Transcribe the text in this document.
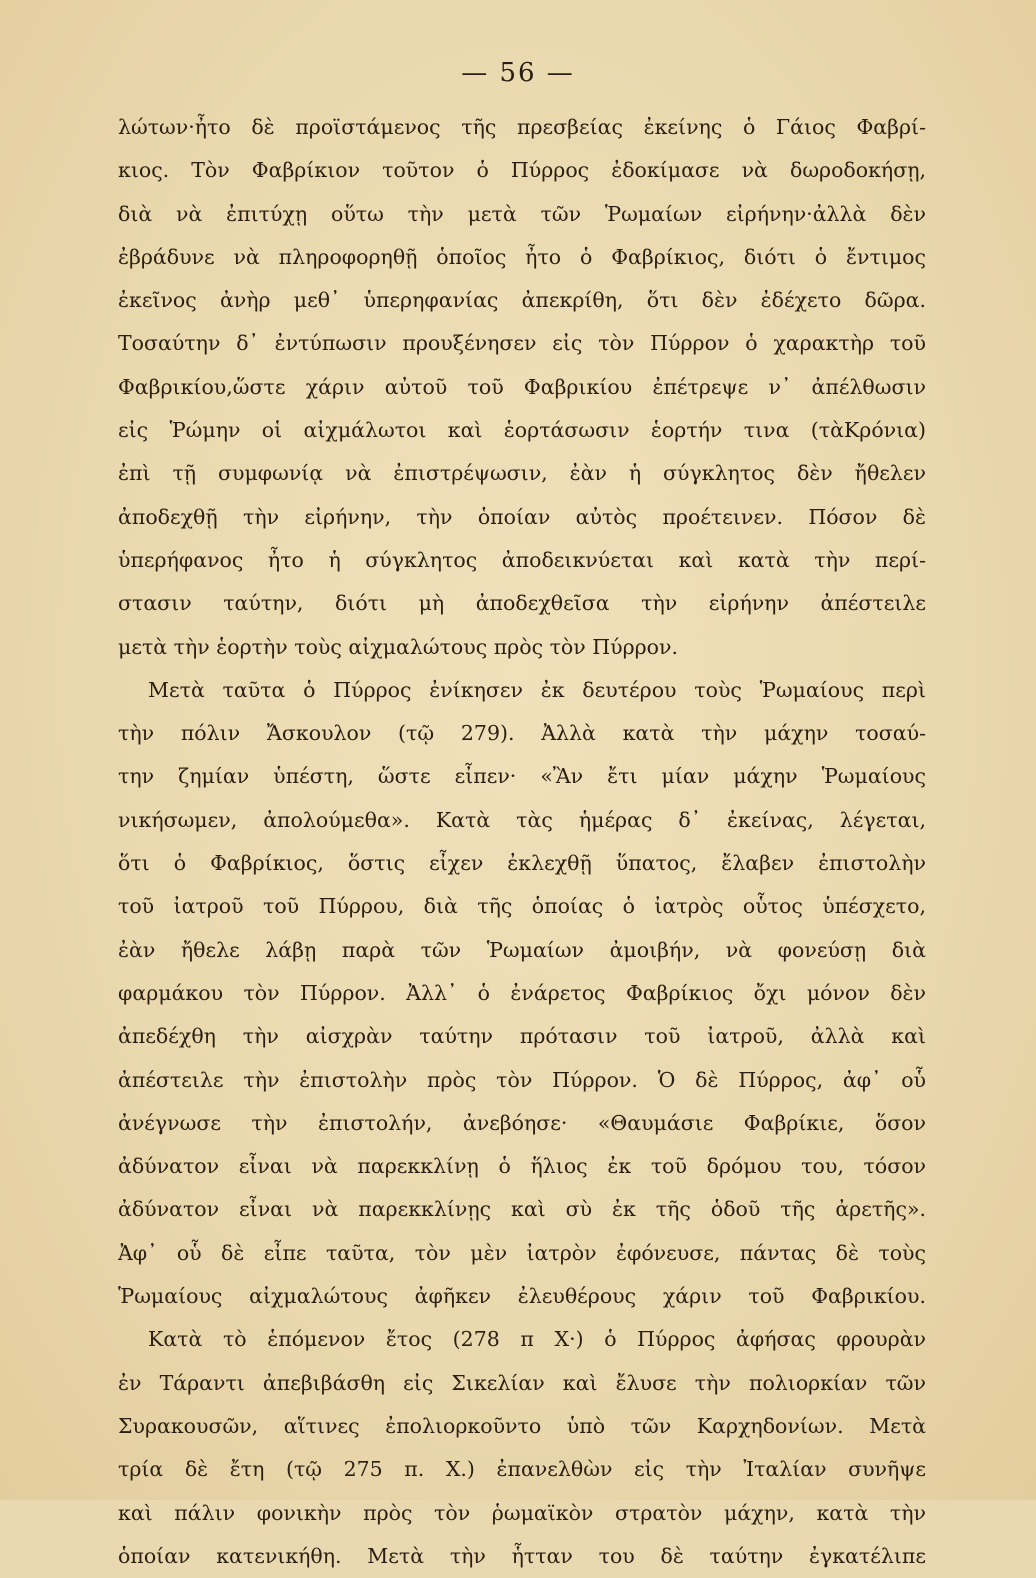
— 56 —
λώτων·ἦτο δὲ προϊστάμενος τῆς πρεσβείας ἐκείνης ὁ Γάιος Φαβρί-
κιος. Τὸν Φαβρίκιον τοῦτον ὁ Πύρρος ἐδοκίμασε νὰ δωροδοκήσῃ,
διὰ νὰ ἐπιτύχῃ οὕτω τὴν μετὰ τῶν Ῥωμαίων εἰρήνην·ἀλλὰ δὲν
ἐβράδυνε νὰ πληροφορηθῇ ὁποῖος ἦτο ὁ Φαβρίκιος, διότι ὁ ἔντιμος
ἐκεῖνος ἀνὴρ μεθ᾽ ὑπερηφανίας ἀπεκρίθη, ὅτι δὲν ἐδέχετο δῶρα.
Τοσαύτην δ᾽ ἐντύπωσιν προυξένησεν εἰς τὸν Πύρρον ὁ χαρακτὴρ τοῦ
Φαβρικίου,ὥστε χάριν αὐτοῦ τοῦ Φαβρικίου ἐπέτρεψε ν᾽ ἀπέλθωσιν
εἰς Ῥώμην οἱ αἰχμάλωτοι καὶ ἑορτάσωσιν ἑορτήν τινα (τὰΚρόνια)
ἐπὶ τῇ συμφωνίᾳ νὰ ἐπιστρέψωσιν, ἐὰν ἡ σύγκλητος δὲν ἤθελεν
ἀποδεχθῇ τὴν εἰρήνην, τὴν ὁποίαν αὐτὸς προέτεινεν. Πόσον δὲ
ὑπερήφανος ἦτο ἡ σύγκλητος ἀποδεικνύεται καὶ κατὰ τὴν περί-
στασιν ταύτην, διότι μὴ ἀποδεχθεῖσα τὴν εἰρήνην ἀπέστειλε
μετὰ τὴν ἑορτὴν τοὺς αἰχμαλώτους πρὸς τὸν Πύρρον.
Μετὰ ταῦτα ὁ Πύρρος ἐνίκησεν ἐκ δευτέρου τοὺς Ῥωμαίους περὶ
τὴν πόλιν Ἄσκουλον (τῷ 279). Ἀλλὰ κατὰ τὴν μάχην τοσαύ-
την ζημίαν ὑπέστη, ὥστε εἶπεν· «Ἂν ἔτι μίαν μάχην Ῥωμαίους
νικήσωμεν, ἀπολούμεθα». Κατὰ τὰς ἡμέρας δ᾽ ἐκείνας, λέγεται,
ὅτι ὁ Φαβρίκιος, ὅστις εἶχεν ἐκλεχθῇ ὕπατος, ἔλαβεν ἐπιστολὴν
τοῦ ἰατροῦ τοῦ Πύρρου, διὰ τῆς ὁποίας ὁ ἰατρὸς οὗτος ὑπέσχετο,
ἐὰν ἤθελε λάβῃ παρὰ τῶν Ῥωμαίων ἀμοιβήν, νὰ φονεύσῃ διὰ
φαρμάκου τὸν Πύρρον. Ἀλλ᾽ ὁ ἐνάρετος Φαβρίκιος ὄχι μόνον δὲν
ἀπεδέχθη τὴν αἰσχρὰν ταύτην πρότασιν τοῦ ἰατροῦ, ἀλλὰ καὶ
ἀπέστειλε τὴν ἐπιστολὴν πρὸς τὸν Πύρρον. Ὁ δὲ Πύρρος, ἀφ᾽ οὗ
ἀνέγνωσε τὴν ἐπιστολήν, ἀνεβόησε· «Θαυμάσιε Φαβρίκιε, ὅσον
ἀδύνατον εἶναι νὰ παρεκκλίνῃ ὁ ἥλιος ἐκ τοῦ δρόμου του, τόσον
ἀδύνατον εἶναι νὰ παρεκκλίνῃς καὶ σὺ ἐκ τῆς ὁδοῦ τῆς ἀρετῆς».
Ἀφ᾽ οὗ δὲ εἶπε ταῦτα, τὸν μὲν ἰατρὸν ἐφόνευσε, πάντας δὲ τοὺς
Ῥωμαίους αἰχμαλώτους ἀφῆκεν ἐλευθέρους χάριν τοῦ Φαβρικίου.
Κατὰ τὸ ἑπόμενον ἔτος (278 π Χ·) ὁ Πύρρος ἀφήσας φρουρὰν
ἐν Τάραντι ἀπεβιβάσθη εἰς Σικελίαν καὶ ἔλυσε τὴν πολιορκίαν τῶν
Συρακουσῶν, αἵτινες ἐπολιορκοῦντο ὑπὸ τῶν Καρχηδονίων. Μετὰ
τρία δὲ ἔτη (τῷ 275 π. Χ.) ἐπανελθὼν εἰς τὴν Ἰταλίαν συνῆψε
καὶ πάλιν φονικὴν πρὸς τὸν ῥωμαϊκὸν στρατὸν μάχην, κατὰ τὴν
ὁποίαν κατενικήθη. Μετὰ τὴν ἧτταν του δὲ ταύτην ἐγκατέλιπε
